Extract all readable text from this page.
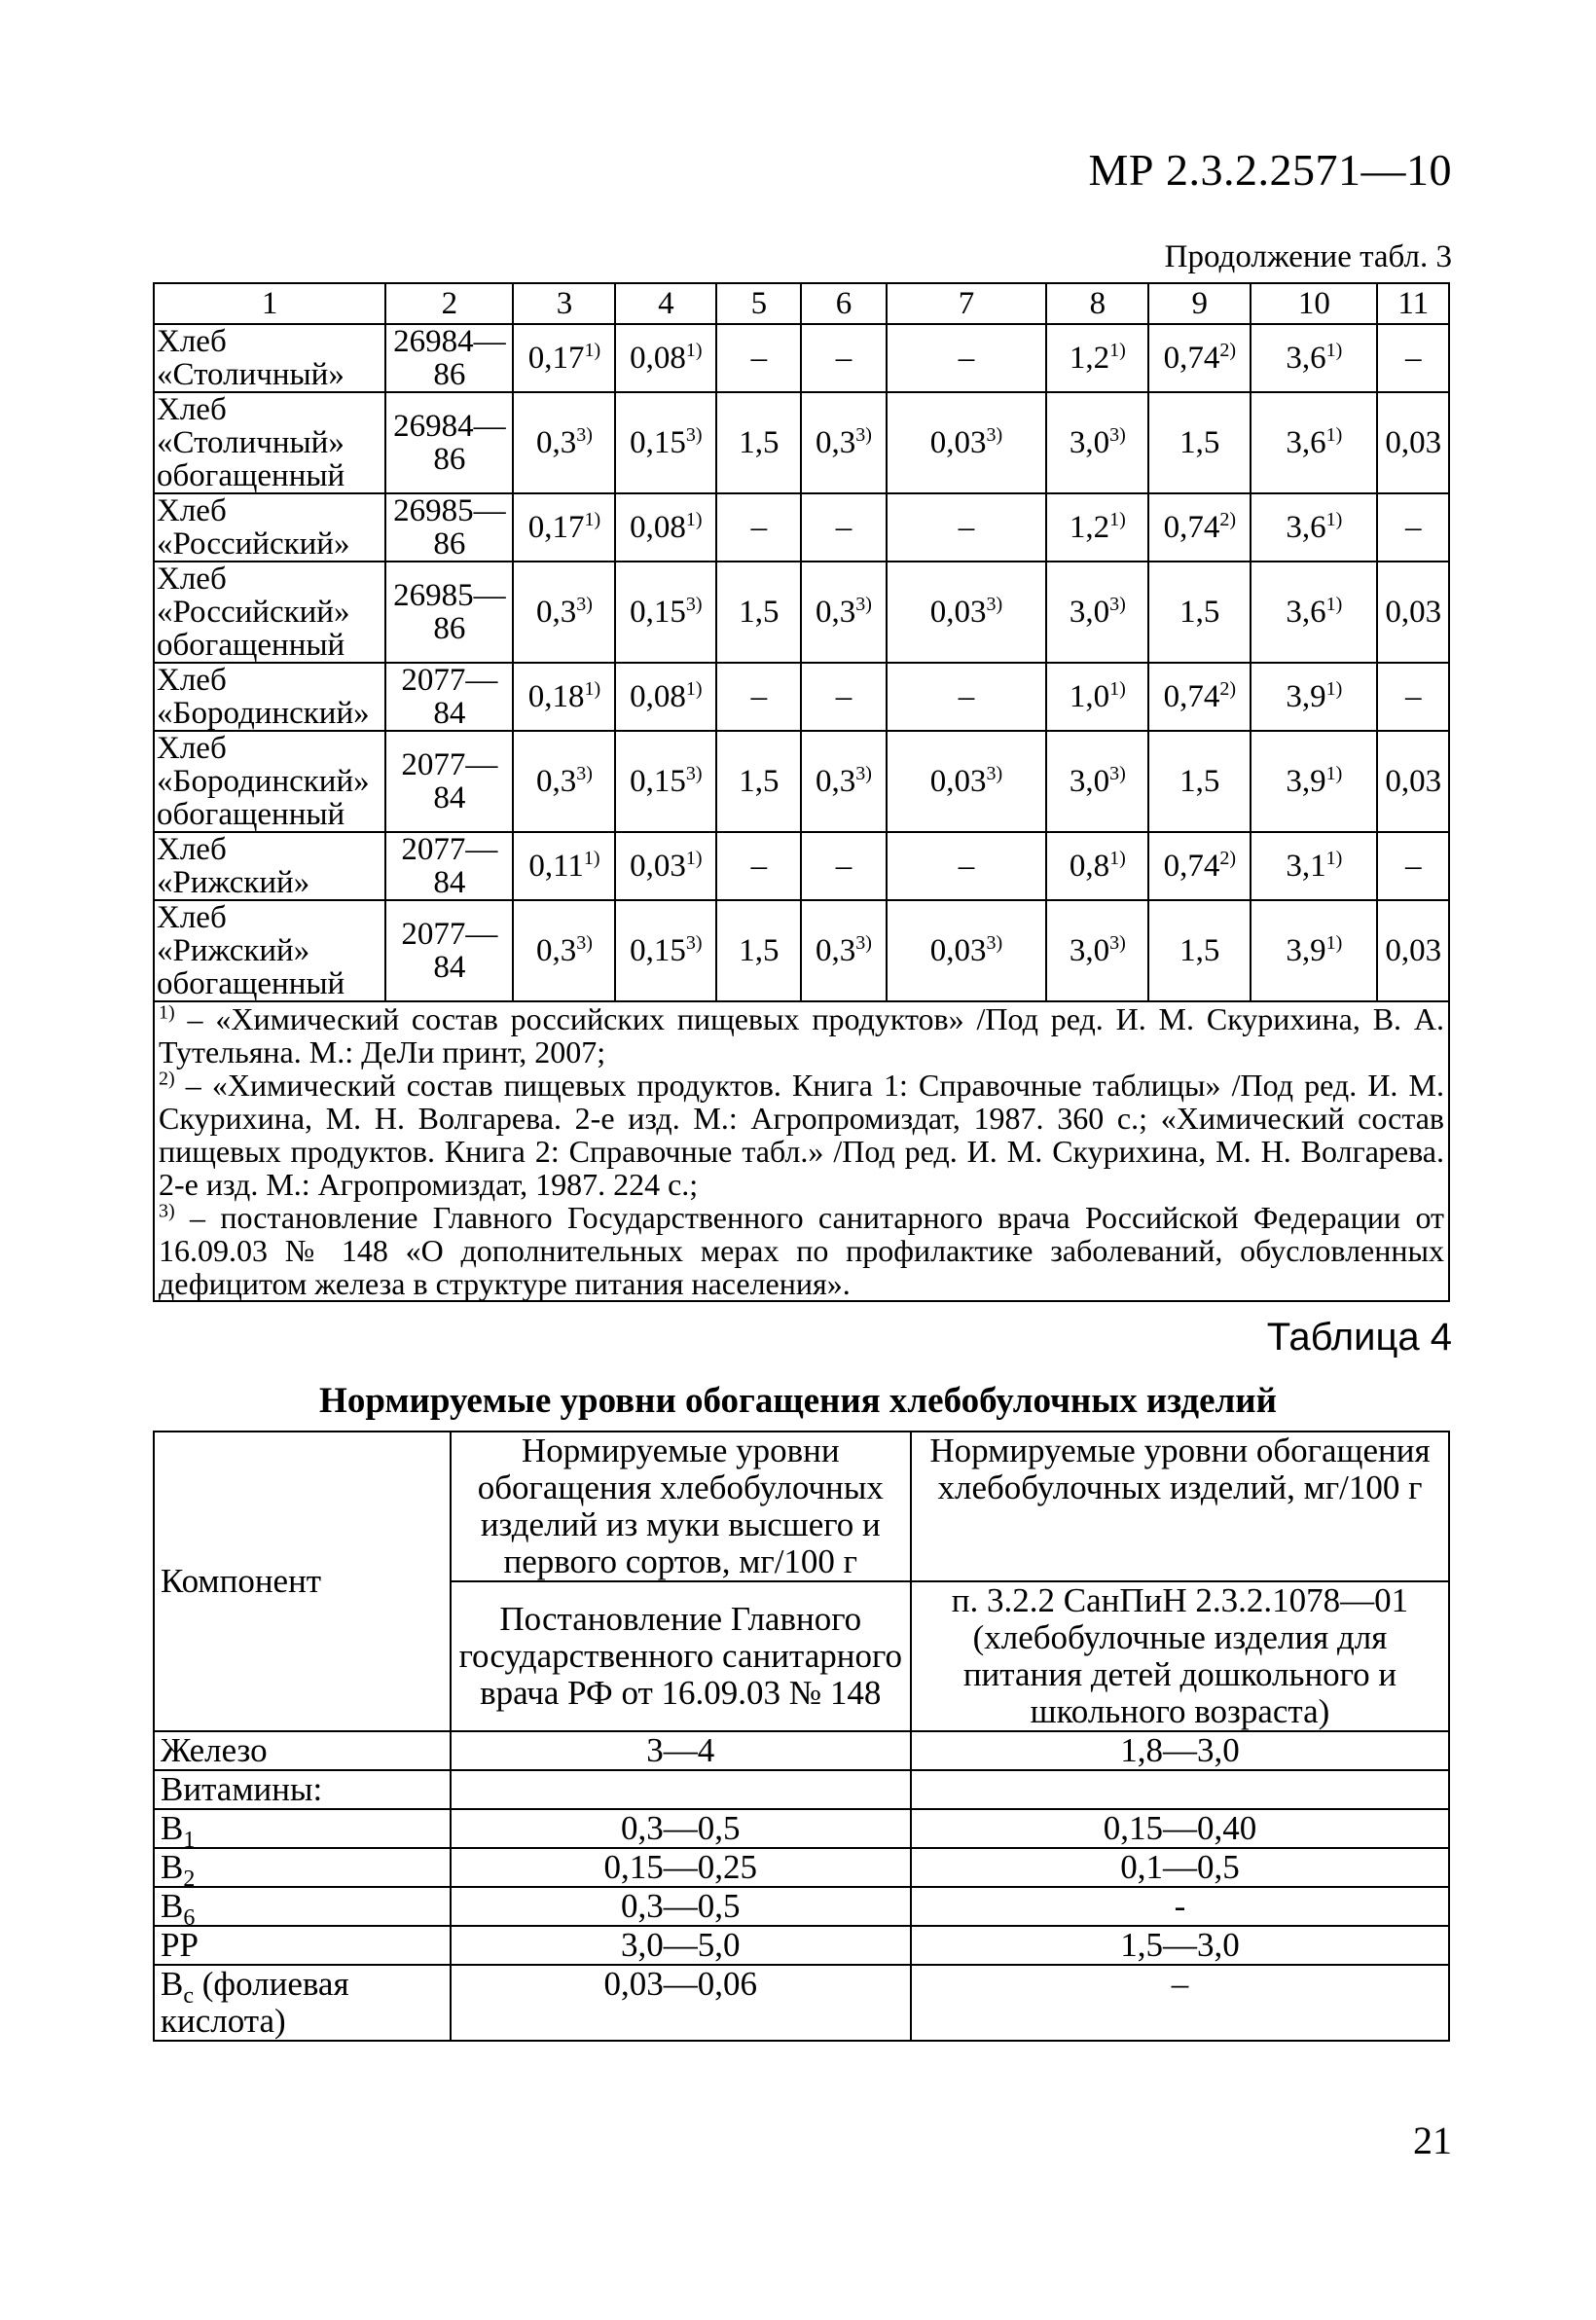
МР 2.3.2.2571—10
Продолжение табл. 3
1	2	3	4	5	6	7	8	9	10	11

Хлеб
«Столичный»	26984—86	0,17$^{1)}$	0,08$^{1)}$	–	–	–	1,2$^{1)}$	0,74$^{2)}$	3,6$^{1)}$	–

Хлеб
«Столичный»
обогащенный	26984—86	0,3$^{3)}$	0,15$^{3)}$	1,5	0,3$^{3)}$	0,03$^{3)}$	3,0$^{3)}$	1,5	3,6$^{1)}$	0,03

Хлеб
«Российский»	26985—86	0,17$^{1)}$	0,08$^{1)}$	–	–	–	1,2$^{1)}$	0,74$^{2)}$	3,6$^{1)}$	–

Хлеб
«Российский»
обогащенный	26985—86	0,3$^{3)}$	0,15$^{3)}$	1,5	0,3$^{3)}$	0,03$^{3)}$	3,0$^{3)}$	1,5	3,6$^{1)}$	0,03

Хлеб
«Бородинский»	2077—84	0,18$^{1)}$	0,08$^{1)}$	–	–	–	1,0$^{1)}$	0,74$^{2)}$	3,9$^{1)}$	–

Хлеб
«Бородинский»
обогащенный	2077—84	0,3$^{3)}$	0,15$^{3)}$	1,5	0,3$^{3)}$	0,03$^{3)}$	3,0$^{3)}$	1,5	3,9$^{1)}$	0,03

Хлеб «Рижский»	2077—84	0,11$^{1)}$	0,03$^{1)}$	–	–	–	0,8$^{1)}$	0,74$^{2)}$	3,1$^{1)}$	–

Хлеб «Рижский»
обогащенный	2077—84	0,3$^{3)}$	0,15$^{3)}$	1,5	0,3$^{3)}$	0,03$^{3)}$	3,0$^{3)}$	1,5	3,9$^{1)}$	0,03

$^{1)}$ – «Химический состав российских пищевых продуктов» /Под ред. И. М. Скурихина, В. А. Тутельяна. М.: ДеЛи принт, 2007;
$^{2)}$ – «Химический состав пищевых продуктов. Книга 1: Справочные таблицы» /Под ред. И. М. Скурихина, М. Н. Волгарева. 2-е изд. М.: Агропромиздат, 1987. 360 с.; «Химический состав пищевых продуктов. Книга 2: Справочные табл.» /Под ред. И. М. Скурихина, М. Н. Волгарева. 2-е изд. М.: Агропромиздат, 1987. 224 с.;
$^{3)}$ – постановление Главного Государственного санитарного врача Российской Федерации от 16.09.03 № 148 «О дополнительных мерах по профилактике заболеваний, обусловленных дефицитом железа в структуре питания населения».										
Таблица 4
Нормируемые уровни обогащения хлебобулочных изделий
Компонент	Нормируемые уровни обогащения хлебобулочных изделий из муки высшего и первого сортов, мг/100 г	Нормируемые уровни обогащения хлебобулочных изделий, мг/100 г
	Постановление Главного государственного санитарного врача РФ от 16.09.03 № 148	п. 3.2.2 СанПиН 2.3.2.1078—01 (хлебобулочные изделия для питания детей дошкольного и школьного возраста)
Железо	3—4	1,8—3,0
Витамины:		
$B_1$	0,3—0,5	0,15—0,40
$B_2$	0,15—0,25	0,1—0,5
$B_6$	0,3—0,5	-
PP	3,0—5,0	1,5—3,0
$B_c$ (фолиевая кислота)	0,03—0,06	–
21
